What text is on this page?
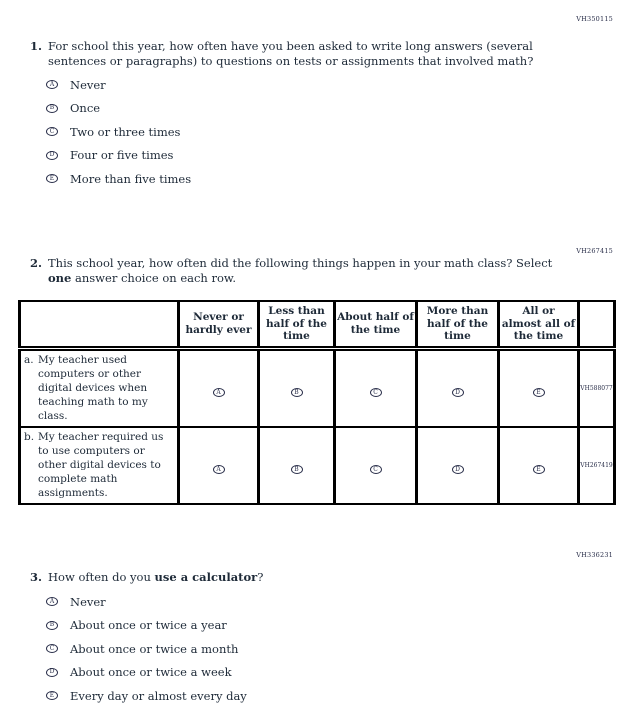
VH350115
VH267415
VH336231
1. For school this year, how often have you been asked to write long answers (several sentences or paragraphs) to questions on tests or assignments that involved math?
A	Never
B	Once
C	Two or three times
D	Four or five times
E	More than five times
2. This school year, how often did the following things happen in your math class? Select one answer choice on each row.
	Never or hardly ever	Less than half of the time	About half of the time	More than half of the time	All or almost all of the time	

a. My teacher used computers or other digital devices when teaching math to my class.	A	B	C	D	E	VH588077

b. My teacher required us to use computers or other digital devices to complete math assignments.	A	B	C	D	E	VH267419
3. How often do you use a calculator?
A	Never
B	About once or twice a year
C	About once or twice a month
D	About once or twice a week
E	Every day or almost every day
